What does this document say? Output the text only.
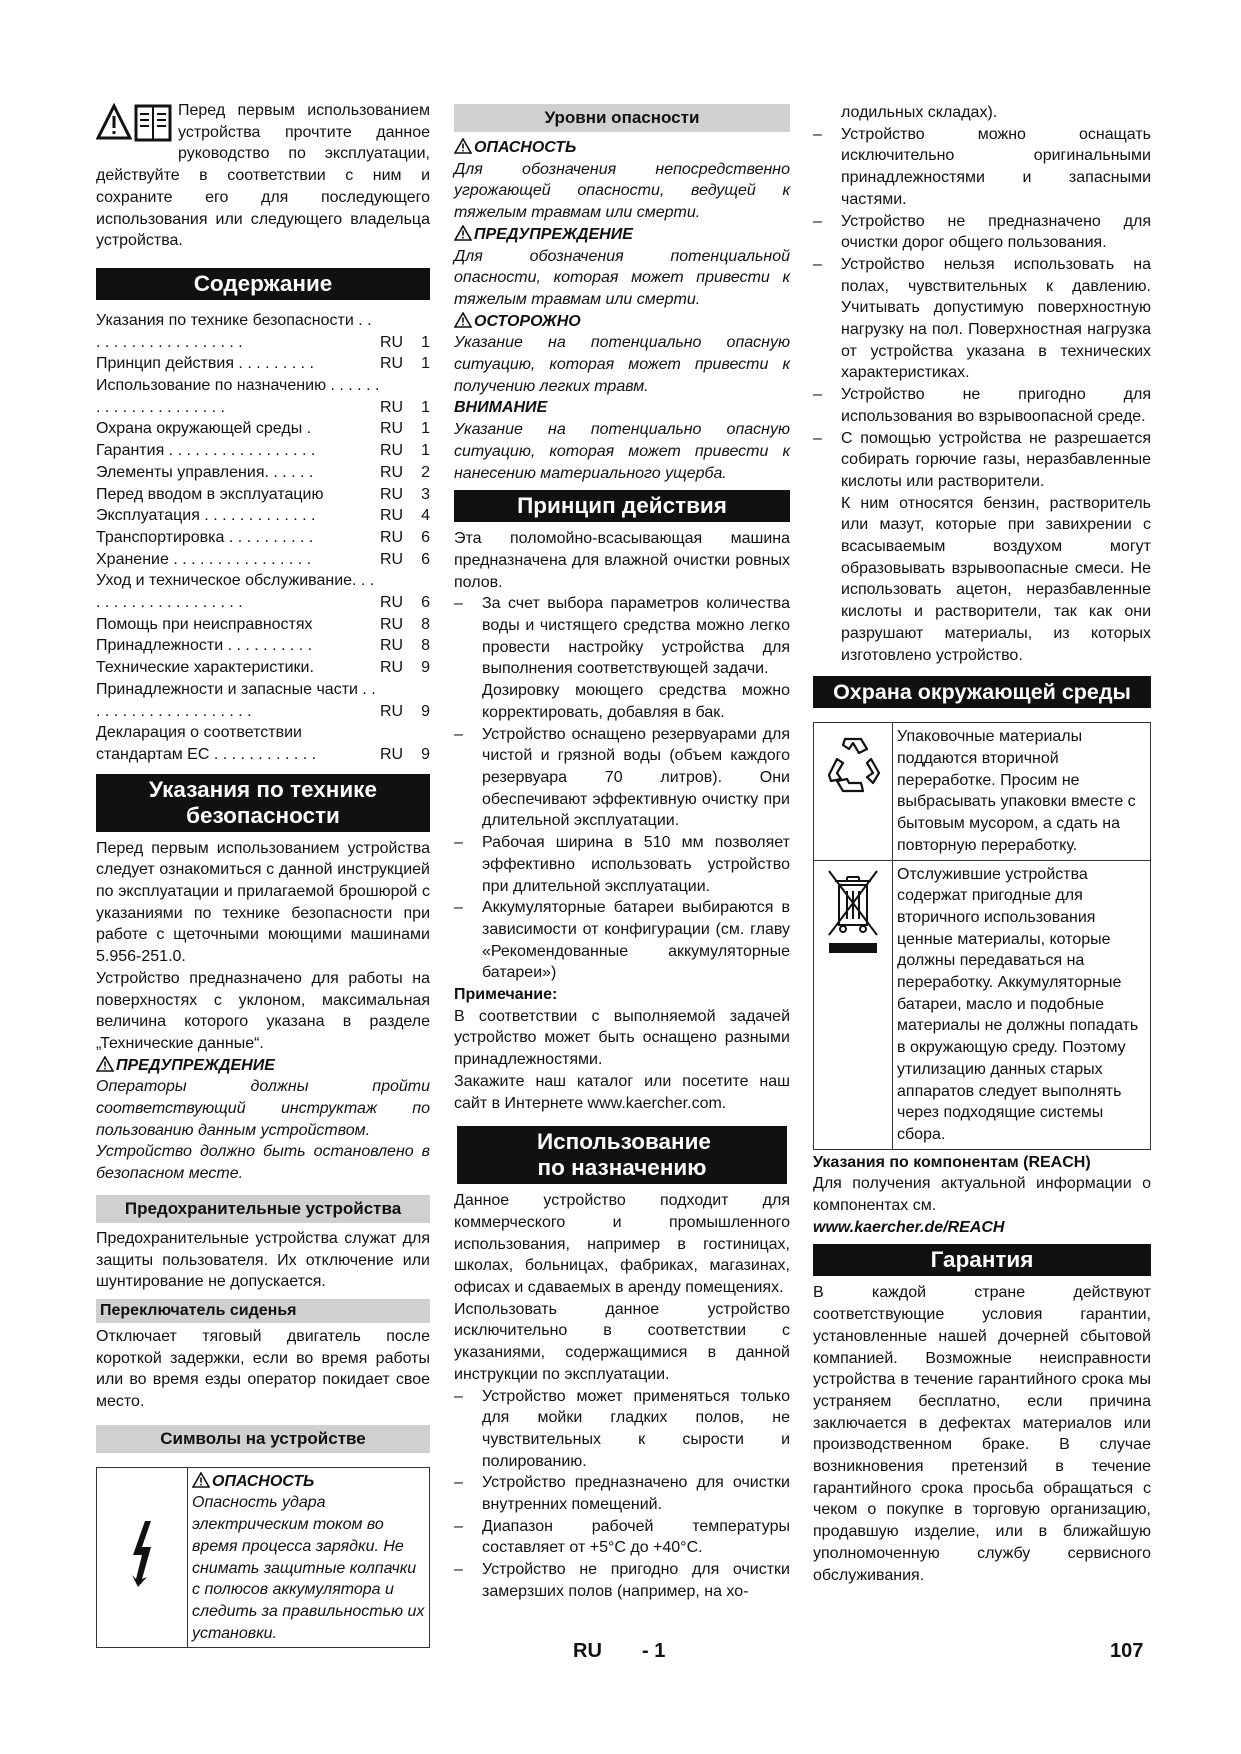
Перед первым использованием устройства прочтите данное руководство по эксплуатации, действуйте в соответствии с ним и сохраните его для последующего использования или следующего владельца устройства.

Содержание
Указания по технике безопасности . . . . . . . . . . . . . . . . . . .	RU	1
Принцип действия . . . . . . . . .	RU	1
Использование по назначению . . . . . . . . . . . . . . . . . . . . .	RU	1
Охрана окружающей среды .	RU	1
Гарантия . . . . . . . . . . . . . . . . .	RU	1
Элементы управления. . . . . .	RU	2
Перед вводом в эксплуатацию	RU	3
Эксплуатация . . . . . . . . . . . . .	RU	4
Транспортировка . . . . . . . . . .	RU	6
Хранение . . . . . . . . . . . . . . . .	RU	6
Уход и техническое обслуживание. . . . . . . . . . . . . . . . . . . .	RU	6
Помощь при неисправностях	RU	8
Принадлежности . . . . . . . . . .	RU	8
Технические характеристики.	RU	9
Принадлежности и запасные части . . . . . . . . . . . . . . . . . . . .	RU	9
Декларация о соответствии стандартам ЕС . . . . . . . . . . . .	RU	9
Указания по технике безопасности

Перед первым использованием устройства следует ознакомиться с данной инструкцией по эксплуатации и прилагаемой брошюрой с указаниями по технике безопасности при работе с щеточными моющими машинами 5.956-251.0.

Устройство предназначено для работы на поверхностях с уклоном, максимальная величина которого указана в разделе „Технические данные“.

ПРЕДУПРЕЖДЕНИЕ

Операторы должны пройти соответствующий инструктаж по пользованию данным устройством.

Устройство должно быть остановлено в безопасном месте.

Предохранительные устройства

Предохранительные устройства служат для защиты пользователя. Их отключение или шунтирование не допускается.

Переключатель сиденья

Отключает тяговый двигатель после короткой задержки, если во время работы или во время езды оператор покидает свое место.

Символы на устройстве

ОПАСНОСТЬ

Опасность удара электрическим током во время процесса зарядки. Не снимать защитные колпачки с полюсов аккумулятора и следить за правильностью их установки.

Уровни опасности
ОПАСНОСТЬ

Для обозначения непосредственно угрожающей опасности, ведущей к тяжелым травмам или смерти.

ПРЕДУПРЕЖДЕНИЕ

Для обозначения потенциальной опасности, которая может привести к тяжелым травмам или смерти.

ОСТОРОЖНО

Указание на потенциально опасную ситуацию, которая может привести к получению легких травм.

ВНИМАНИЕ

Указание на потенциально опасную ситуацию, которая может привести к нанесению материального ущерба.

Принцип действия

Эта поломойно-всасывающая машина предназначена для влажной очистки ровных полов.

– За счет выбора параметров количества воды и чистящего средства можно легко провести настройку устройства для выполнения соответствующей задачи.

Дозировку моющего средства можно корректировать, добавляя в бак.

– Устройство оснащено резервуарами для чистой и грязной воды (объем каждого резервуара 70 литров). Они обеспечивают эффективную очистку при длительной эксплуатации.

– Рабочая ширина в 510 мм позволяет эффективно использовать устройство при длительной эксплуатации.

– Аккумуляторные батареи выбираются в зависимости от конфигурации (см. главу «Рекомендованные аккумуляторные батареи»)

Примечание:

В соответствии с выполняемой задачей устройство может быть оснащено разными принадлежностями.

Закажите наш каталог или посетите наш сайт в Интернете www.kaercher.com.

Использование по назначению

Данное устройство подходит для коммерческого и промышленного использования, например в гостиницах, школах, больницах, фабриках, магазинах, офисах и сдаваемых в аренду помещениях.

Использовать данное устройство исключительно в соответствии с указаниями, содержащимися в данной инструкции по эксплуатации.

– Устройство может применяться только для мойки гладких полов, не чувствительных к сырости и полированию.

– Устройство предназначено для очистки внутренних помещений.

– Диапазон рабочей температуры составляет от +5°C до +40°C.

– Устройство не пригодно для очистки замерзших полов (например, на хо-

лодильных складах).

– Устройство можно оснащать исключительно оригинальными принадлежностями и запасными частями.

– Устройство не предназначено для очистки дорог общего пользования.

– Устройство нельзя использовать на полах, чувствительных к давлению. Учитывать допустимую поверхностную нагрузку на пол. Поверхностная нагрузка от устройства указана в технических характеристиках.

– Устройство не пригодно для использования во взрывоопасной среде.

– С помощью устройства не разрешается собирать горючие газы, неразбавленные кислоты или растворители.

К ним относятся бензин, растворитель или мазут, которые при завихрении с всасываемым воздухом могут образовывать взрывоопасные смеси. Не использовать ацетон, неразбавленные кислоты и растворители, так как они разрушают материалы, из которых изготовлено устройство.

Охрана окружающей среды

Упаковочные материалы поддаются вторичной переработке. Просим не выбрасывать упаковки вместе с бытовым мусором, а сдать на повторную переработку.

Отслужившие устройства содержат пригодные для вторичного использования ценные материалы, которые должны передаваться на переработку. Аккумуляторные батареи, масло и подобные материалы не должны попадать в окружающую среду. Поэтому утилизацию данных старых аппаратов следует выполнять через подходящие системы сбора.

Указания по компонентам (REACH)

Для получения актуальной информации о компонентах см.

www.kaercher.de/REACH
Гарантия

В каждой стране действуют соответствующие условия гарантии, установленные нашей дочерней сбытовой компанией. Возможные неисправности устройства в течение гарантийного срока мы устраняем бесплатно, если причина заключается в дефектах материалов или производственном браке. В случае возникновения претензий в течение гарантийного срока просьба обращаться с чеком о покупке в торговую организацию, продавшую изделие, или в ближайшую уполномоченную службу сервисного обслуживания.

RU - 1	107
